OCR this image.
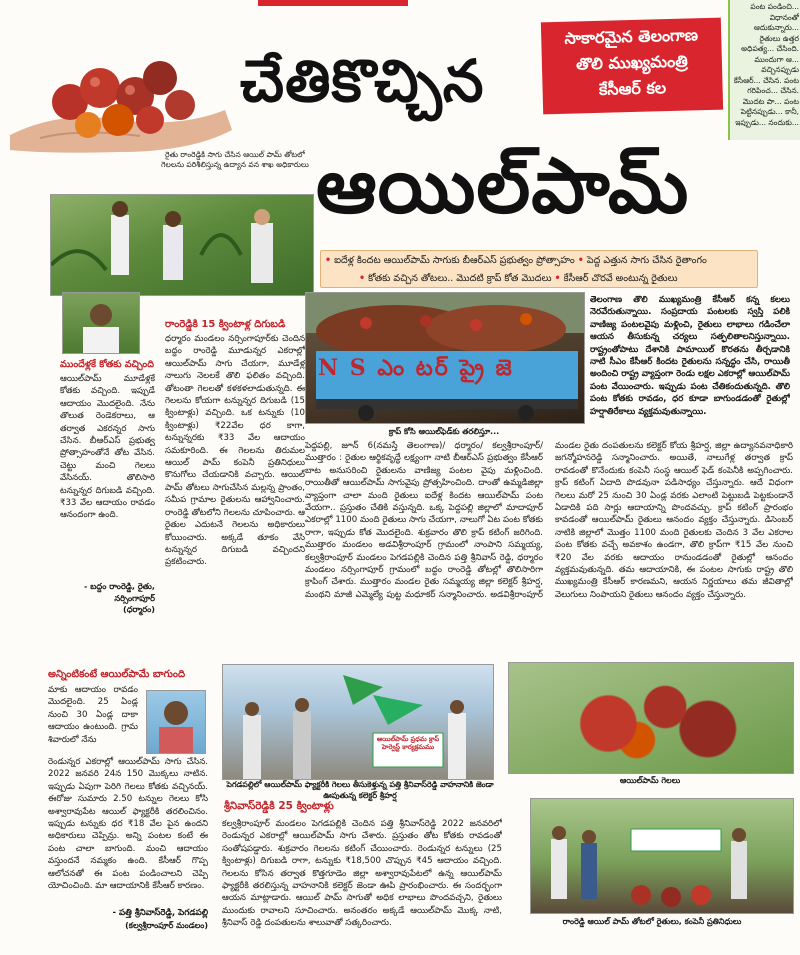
పంట పండించి... విధానంతో ఆదుకున్నారు... రైతులు ఉత్తర అధిపత్య... చేసింది. ముందుగా ఆ... వచ్చినప్పుడు కేసీఆర్‌... చేసిన. పంట గరిపించ... చేసిన. మొదట పా... పంట పెట్టినప్పుడు... కానీ, ఇప్పుడు... నందుకు...
చేతికొచ్చిన
సాకారమైన తెలంగాణ
తొలి ముఖ్యమంత్రి
కేసీఆర్‌ కల
రైతు రాంరెడ్డికి సాగు చేసిన ఆయిల్‌ పామ్‌ తోటలో గెలలను పరిశీలిస్తున్న ఉద్యాన వన శాఖ అధికారులు ఆయిల్‌పామ్‌
• ఐదేళ్ల కిందట ఆయిల్‌పామ్‌ సాగుకు బీఆర్‌ఎస్‌ ప్రభుత్వం ప్రోత్సాహం • పెద్ద ఎత్తున సాగు చేసిన రైతాంగం
• కోతకు వచ్చిన తోటలు.. మొదటి క్రాప్‌ కోత మొదలు • కేసీఆర్‌ చొరవే అంటున్న రైతులు
N S ఎం టర్ ప్రై జె
క్రాప్‌ కోసి ఆయిల్‌ఫెడ్‌కు తరలిస్తూ...
తెలంగాణ తొలి ముఖ్యమంత్రి కేసీఆర్‌ కన్న కలలు నెరవేరుతున్నాయి. సంప్రదాయ పంటలకు స్వస్తి పలికి వాణిజ్య పంటలవైపు మళ్లించి, రైతులు లాభాలు గడించేలా ఆయన తీసుకున్న చర్యలు సత్ఫలితాలనిస్తున్నాయి. రాష్ట్రంతోపాటు దేశానికి పామాయిల్‌ కొరతను తీర్చడానికి నాటి సీఎం కేసీఆర్‌ కిందట రైతులను సన్నద్ధం చేసి, రాయితీ అందించి రాష్ట్ర వ్యాప్తంగా రెండు లక్షల ఎకరాల్లో ఆయిల్‌పామ్‌ పంట వేయించారు. ఇప్పుడు పంట చేతికందుతున్నది. తొలి పంట కోతకు రావడం, ధర కూడా బాగుండడంతో రైతుల్లో హర్షాతిరేకాలు వ్యక్తమవుతున్నాయి.
ముందేళ్లకే కోతకు వచ్చింది
ఆయిల్‌పామ్‌ మూడేళ్లకే కోతకు వచ్చింది. ఇప్పుడే ఆదాయం మొదలైంది. నేను తొలుత రెండెకరాలు, ఆ తర్వాత ఎకరన్నర సాగు చేసిన. బీఆర్‌ఎస్‌ ప్రభుత్వ ప్రోత్సాహంతోనే తోట వేసిన. చెట్టు మంచి గెలలు వేసినయ్‌. తొలిసారి టన్నున్నర దిగుబడి వచ్చింది. ₹33 వేల ఆదాయం రావడం ఆనందంగా ఉంది.
- బద్దం రాంరెడ్డి, రైతు, నర్సింగాపూర్‌
(ధర్మారం)
రాంరెడ్డికి 15 క్వింటాళ్ల దిగుబడి
ధర్మారం మండలం నర్సింగాపూర్‌కు చెందిన బద్దం రాంరెడ్డి మూడున్నర ఎకరాల్లో ఆయిల్‌పామ్‌ సాగు చేయగా, మూడేళ్ల నాలుగు నెలలకే తొలి ఫలితం వచ్చింది. తోటంతా గెలలతో కళకళలాడుతున్నది. ఈ గెలలను కోయగా టన్నున్నర దిగుబడి (15 క్వింటాళ్లు) వచ్చింది. ఒక టన్నుకు (10 క్వింటాళ్లు) ₹22వేల ధర కాగా, టన్నున్నరకు ₹33 వేల ఆదాయం సమకూరింది. ఈ గెలలను తిరుమల ఆయిల్‌ పామ్‌ కంపెనీ ప్రతినిధులు కొనుగోలు చేయడానికి వచ్చారు. ఆయిల్‌ పామ్‌ తోటలు సాగుచేసిన మల్లన్న ప్రాంతం, సమీప గ్రామాల రైతులను ఆహ్వానించారు. రాంరెడ్డి తోటలోని గెలలను చూపించారు. ఆ రైతుల ఎదుటనే గెలలను అధికారులు కోయించారు. అక్కడే తూకం వేసి టన్నున్నర దిగుబడి వచ్చిందని ప్రకటించారు.
పెద్దపల్లి, జూన్‌ 6(నమస్తే తెలంగాణ)/ ధర్మారం/ కల్వశ్రీరాంపూర్‌/ ముత్తారం : రైతుల ఆర్థికవృద్ధే లక్ష్యంగా నాటి బీఆర్‌ఎస్‌ ప్రభుత్వం కేసీఆర్‌ బాట అనుసరించి రైతులను వాణిజ్య పంటల వైపు మళ్లించింది. రాయితీతో ఆయిల్‌పామ్‌ సాగువైపు ప్రోత్సహించింది. దాంతో ఉమ్మడిజిల్లా వ్యాప్తంగా చాలా మంది రైతులు ఐదేళ్ల కిందట ఆయిల్‌పామ్‌ పంట వేయగా.. ప్రస్తుతం చేతికి వస్తున్నది. ఒక్క పెద్దపల్లి జిల్లాలో మాదాపూర్‌ ఎకరాల్లో 1100 మంది రైతులు సాగు చేయగా, నాలుగో ఏట పంట కోతకు రాగా, ఇప్పుడు కోత మొదలైంది. శుక్రవారం తొలి క్రాప్‌ కటింగ్‌ జరిగింది. ముత్తారం మండలం అడవిశ్రీరాంపూర్‌ గ్రామంలో నాంపాని సమ్మయ్య, కల్వశ్రీరాంపూర్‌ మండలం పెగడపల్లికి చెందిన పత్తి శ్రీనివాస్‌ రెడ్డి, ధర్మారం మండలం నర్సింగాపూర్‌ గ్రామంలో బద్దం రాంరెడ్డి తోటల్లో తొలిసారిగా క్రాపింగ్‌ చేశారు. ముత్తారం మండల రైతు సమ్మయ్య జిల్లా కలెక్టర్‌ శ్రీహర్ష, మంథని మాజీ ఎమ్మెల్యే పుట్ట మధూకర్‌ సన్మానించారు. అడవిశ్రీరాంపూర్‌ మండల రైతు దంపతులను కలెక్టర్‌ కోయ శ్రీహర్ష, జిల్లా ఉద్యానవనాధికారి జగన్మోహనరెడ్డి సన్మానించారు. అయితే, నాలుగేళ్ల తర్వాత క్రాప్‌ రావడంతో కొనేందుకు కంపెనీ సంస్థ ఆయిల్‌ ఫెడ్‌ కంపెనీకి అప్పగించారు. క్రాప్‌ కటింగ్‌ ఏదాది పొడవునా పడిసాధ్యం చేస్తున్నారు. ఆదే విధంగా గెలలు మరో 25 నుంచి 30 ఏండ్ల వరకు ఎలాంటి పెట్టుబడి పెట్టకుండానే ఏడాదికి పది సార్లు ఆదాయాన్ని పొందవచ్చు. క్రాప్‌ కటింగ్‌ ప్రారంభం కావడంతో ఆయిల్‌పామ్‌ రైతులు ఆనందం వ్యక్తం చేస్తున్నారు. డిసెంబర్‌ నాటికి జిల్లాలో మొత్తం 1100 మంది రైతులకు చెందిన 3 వేల ఎకరాల పంట కోతకు వచ్చే అవకాశం ఉండగా, తొలి క్రాప్‌గా ₹15 వేల నుంచి ₹20 వేల వరకు ఆదాయం రానుండడంతో రైతుల్లో ఆనందం వ్యక్తమవుతున్నది. తమ ఆదాయానికి, ఈ పంటల సాగుకు రాష్ట్ర తొలి ముఖ్యమంత్రి కేసీఆర్‌ కారణమని, ఆయన నిర్ణయాలు తమ జీవితాల్లో వెలుగులు నింపాయని రైతులు ఆనందం వ్యక్తం చేస్తున్నారు.
అన్నింటికంటే ఆయిల్‌పామే బాగుంది
మాకు ఆదాయం రావడం మొదలైంది. 25 ఏండ్ల నుంచి 30 ఏండ్ల దాకా ఆదాయం ఉంటుంది. గ్రామ శివారులో నేను
రెండున్నర ఎకరాల్లో ఆయిల్‌పామ్‌ సాగు చేసిన. 2022 జనవరి 24న 150 మొక్కలు నాటిన. ఇప్పుడు ఏపుగా పెరిగి గెలలు కోతకు వచ్చినయ్‌. ఈరోజు సుమారు 2.50 టన్నుల గెలలు కోసి అశ్వారావుపేట ఆయిల్‌ ఫ్యాక్టరీకి తరలించినం. ఇప్పుడు టన్నుకు ధర ₹18 వేల పైన ఉందని అధికారులు చెప్పిన్రు. అన్ని పంటల కంటే ఈ పంట చాలా బాగుంది. మంచి ఆదాయం వస్తుందనే నమ్మకం ఉంది. కేసీఆర్‌ గొప్ప ఆలోచనతో ఈ పంట పండించాలని చెప్పి యోచించింది. మా ఆదాయానికి కేసీఆర్‌ కారణం.
- పత్తి శ్రీనివాస్‌రెడ్డి, పెగడపల్లి
(కల్వశ్రీరాంపూర్‌ మండలం)
ఆయిల్‌పామ్‌ ప్రధమ క్రాప్‌ హెర్వెస్ట్‌ కార్యక్రమము
పెగడపల్లిలో ఆయిల్‌పామ్‌ ఫ్యాక్టరీకి గెలలు తీసుకెళ్తున్న పత్తి శ్రీనివాస్‌రెడ్డి వాహనానికి జెండా ఊపుతున్న కలెక్టర్‌ శ్రీహర్ష
శ్రీనివాస్‌రెడ్డికి 25 క్వింటాళ్లు
కల్వశ్రీరాంపూర్‌ మండలం పెగడపల్లికి చెందిన పత్తి శ్రీనివాస్‌రెడ్డి 2022 జనవరిలో రెండున్నర ఎకరాల్లో ఆయిల్‌పామ్‌ సాగు చేశారు. ప్రస్తుతం తోట కోతకు రావడంతో సంతోషపడ్డారు. శుక్రవారం గెలలను కటింగ్‌ చేయించారు. రెండున్నర టన్నులు (25 క్వింటాళ్లు) దిగుబడి రాగా, టన్నుకు ₹18,500 చొప్పున ₹45 ఆదాయం వచ్చింది. గెలలను కోసిన తర్వాత కొత్తగూడెం జిల్లా అశ్వారావుపేటలో ఉన్న ఆయిల్‌పామ్‌ ఫ్యాక్టరీకి తరలిస్తున్న వాహనానికి కలెక్టర్‌ జెండా ఊపి ప్రారంభించారు. ఈ సందర్భంగా ఆయన మాట్లాడారు. ఆయిల్‌ పామ్‌ సాగుతో అధిక లాభాలు పొందవచ్చని, రైతులు ముందుకు రావాలని సూచించారు. అనంతరం అక్కడే ఆయిల్‌పామ్‌ మొక్క నాటి, శ్రీనివాస్‌ రెడ్డి దంపతులను శాలువాతో సత్కరించారు.
ఆయిల్‌పామ్‌ గెలలు
రాంరెడ్డి ఆయిల్‌ పామ్‌ తోటలో రైతులు, కంపెనీ ప్రతినిధులు
